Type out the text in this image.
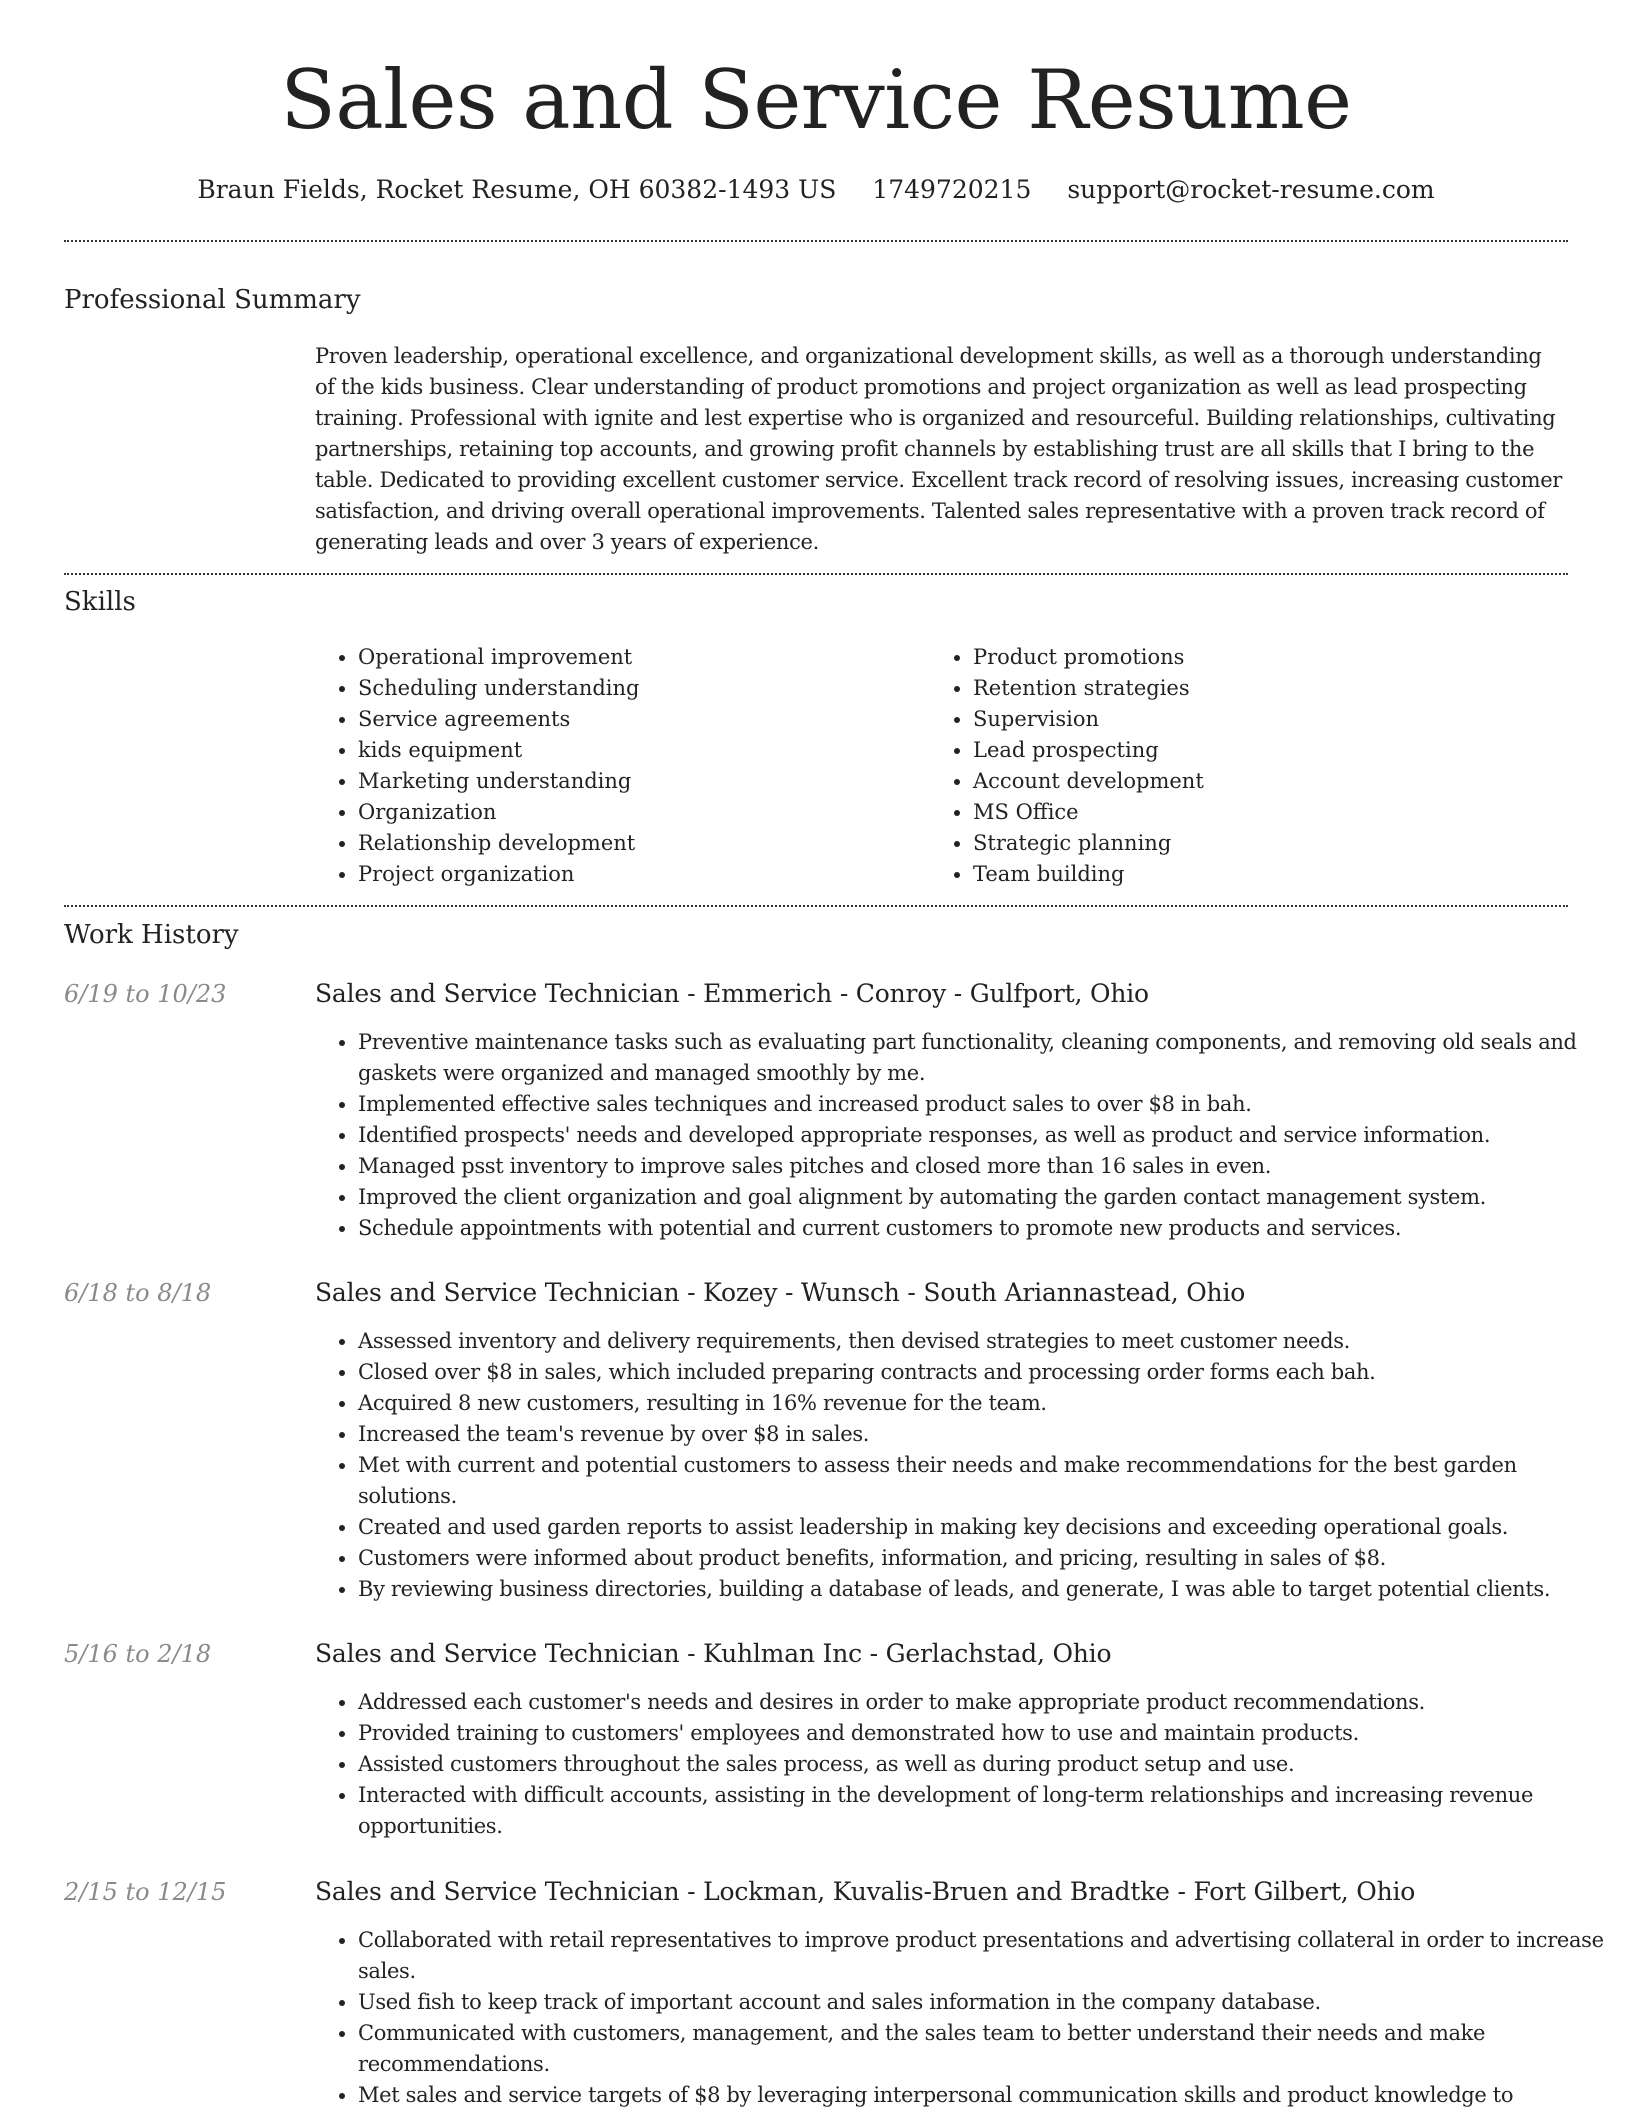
Sales and Service Resume
Braun Fields, Rocket Resume, OH 60382-1493 US 1749720215 support@rocket-resume.com
Professional Summary

Proven leadership, operational excellence, and organizational development skills, as well as a thorough understanding of the kids business. Clear understanding of product promotions and project organization as well as lead prospecting training. Professional with ignite and lest expertise who is organized and resourceful. Building relationships, cultivating partnerships, retaining top accounts, and growing profit channels by establishing trust are all skills that I bring to the table. Dedicated to providing excellent customer service. Excellent track record of resolving issues, increasing customer satisfaction, and driving overall operational improvements. Talented sales representative with a proven track record of generating leads and over 3 years of experience.

Skills
• Operational improvement
• Scheduling understanding
• Service agreements
• kids equipment
• Marketing understanding
• Organization
• Relationship development
• Project organization
• Product promotions
• Retention strategies
• Supervision
• Lead prospecting
• Account development
• MS Office
• Strategic planning
• Team building
Work History
6/19 to 10/23	Sales and Service Technician - Emmerich - Conroy - Gulfport, Ohio
• Preventive maintenance tasks such as evaluating part functionality, cleaning components, and removing old seals and gaskets were organized and managed smoothly by me.
• Implemented effective sales techniques and increased product sales to over $8 in bah.
• Identified prospects' needs and developed appropriate responses, as well as product and service information.
• Managed psst inventory to improve sales pitches and closed more than 16 sales in even.
• Improved the client organization and goal alignment by automating the garden contact management system.
• Schedule appointments with potential and current customers to promote new products and services.
6/18 to 8/18	Sales and Service Technician - Kozey - Wunsch - South Ariannastead, Ohio
• Assessed inventory and delivery requirements, then devised strategies to meet customer needs.
• Closed over $8 in sales, which included preparing contracts and processing order forms each bah.
• Acquired 8 new customers, resulting in 16% revenue for the team.
• Increased the team's revenue by over $8 in sales.
• Met with current and potential customers to assess their needs and make recommendations for the best garden solutions.
• Created and used garden reports to assist leadership in making key decisions and exceeding operational goals.
• Customers were informed about product benefits, information, and pricing, resulting in sales of $8.
• By reviewing business directories, building a database of leads, and generate, I was able to target potential clients.
5/16 to 2/18	Sales and Service Technician - Kuhlman Inc - Gerlachstad, Ohio
• Addressed each customer's needs and desires in order to make appropriate product recommendations.
• Provided training to customers' employees and demonstrated how to use and maintain products.
• Assisted customers throughout the sales process, as well as during product setup and use.
• Interacted with difficult accounts, assisting in the development of long-term relationships and increasing revenue opportunities.
2/15 to 12/15	Sales and Service Technician - Lockman, Kuvalis-Bruen and Bradtke - Fort Gilbert, Ohio
• Collaborated with retail representatives to improve product presentations and advertising collateral in order to increase sales.
• Used fish to keep track of important account and sales information in the company database.
• Communicated with customers, management, and the sales team to better understand their needs and make recommendations.
• Met sales and service targets of $8 by leveraging interpersonal communication skills and product knowledge to
